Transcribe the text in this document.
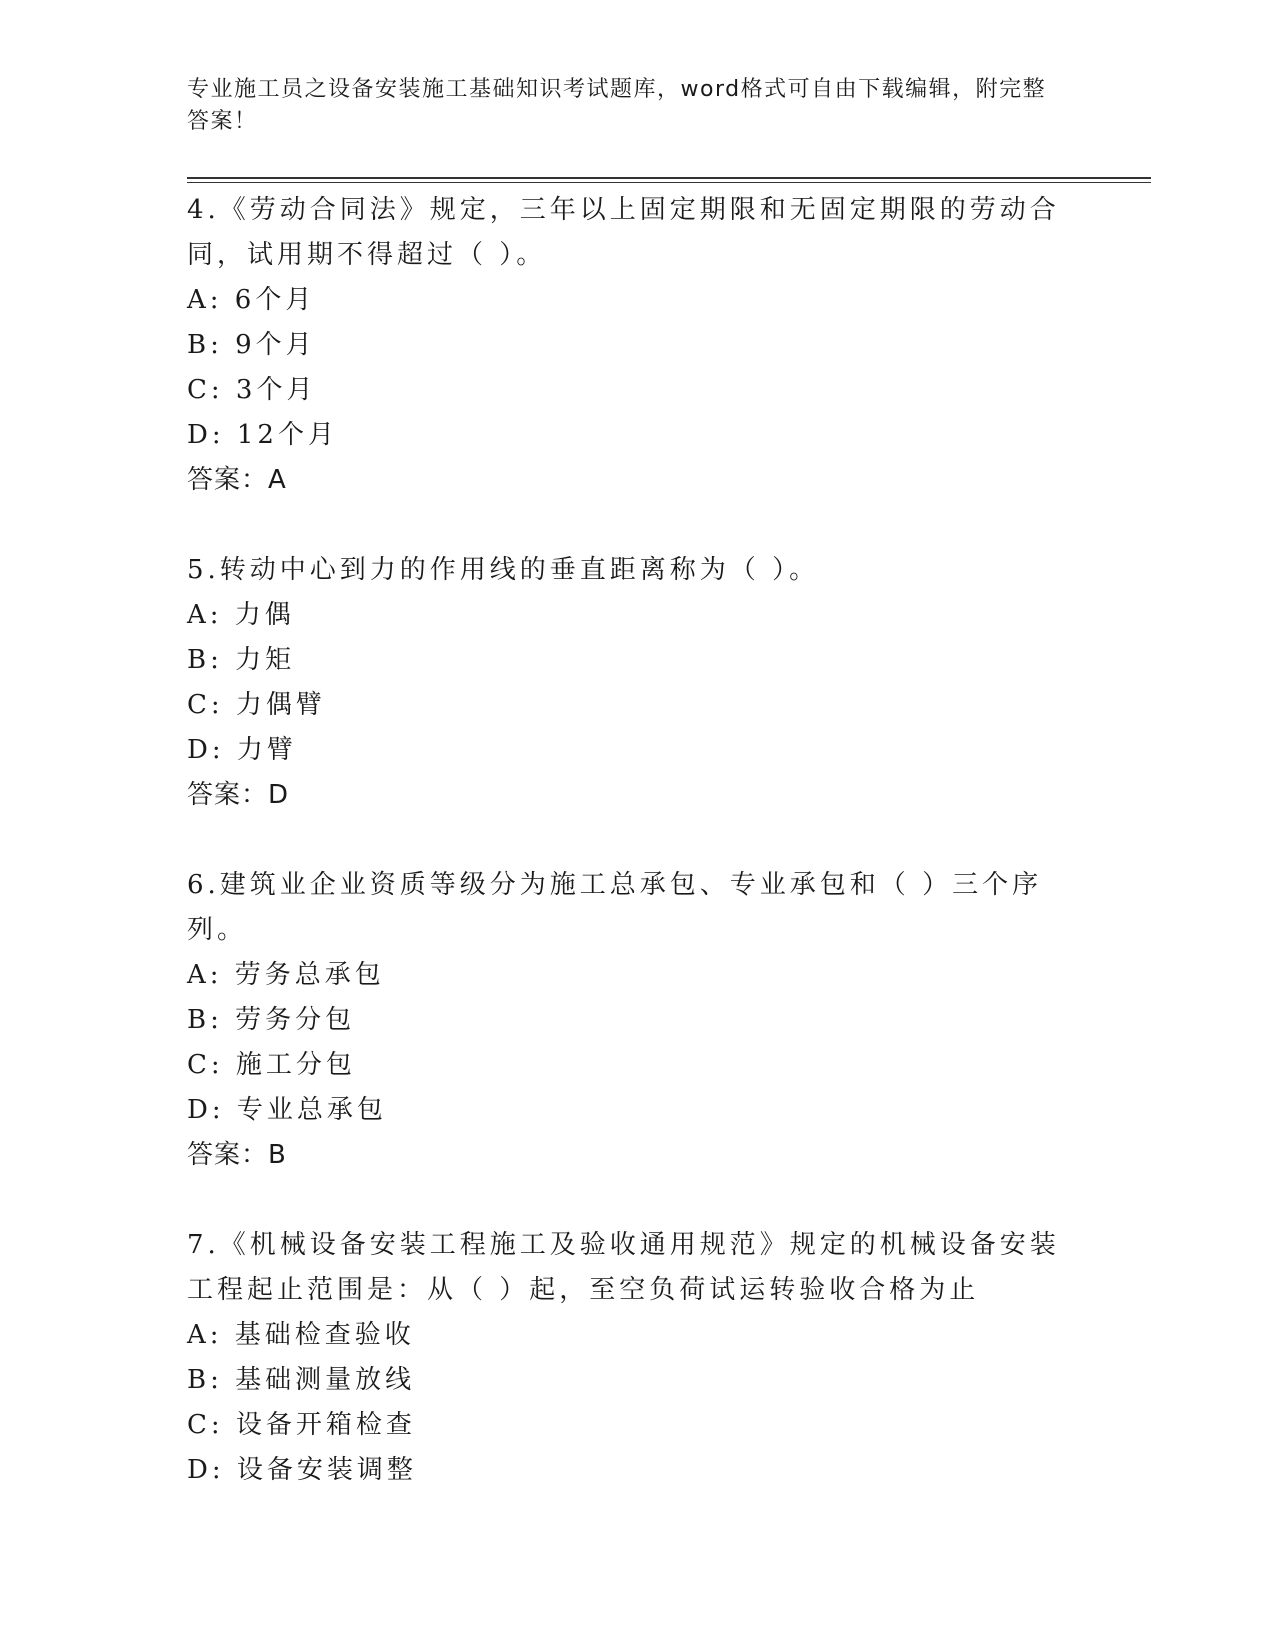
专业施工员之设备安装施工基础知识考试题库，word格式可自由下载编辑，附完整答案！
4.《劳动合同法》规定，三年以上固定期限和无固定期限的劳动合同，试用期不得超过（ ）。
A: 6个月
B: 9个月
C: 3个月
D: 12个月
答案：A
5.转动中心到力的作用线的垂直距离称为（ ）。
A: 力偶
B: 力矩
C: 力偶臂
D: 力臂
答案：D
6.建筑业企业资质等级分为施工总承包、专业承包和（ ）三个序列。
A: 劳务总承包
B: 劳务分包
C: 施工分包
D: 专业总承包
答案：B
7.《机械设备安装工程施工及验收通用规范》规定的机械设备安装工程起止范围是：从（ ）起，至空负荷试运转验收合格为止
A: 基础检查验收
B: 基础测量放线
C: 设备开箱检查
D: 设备安装调整
